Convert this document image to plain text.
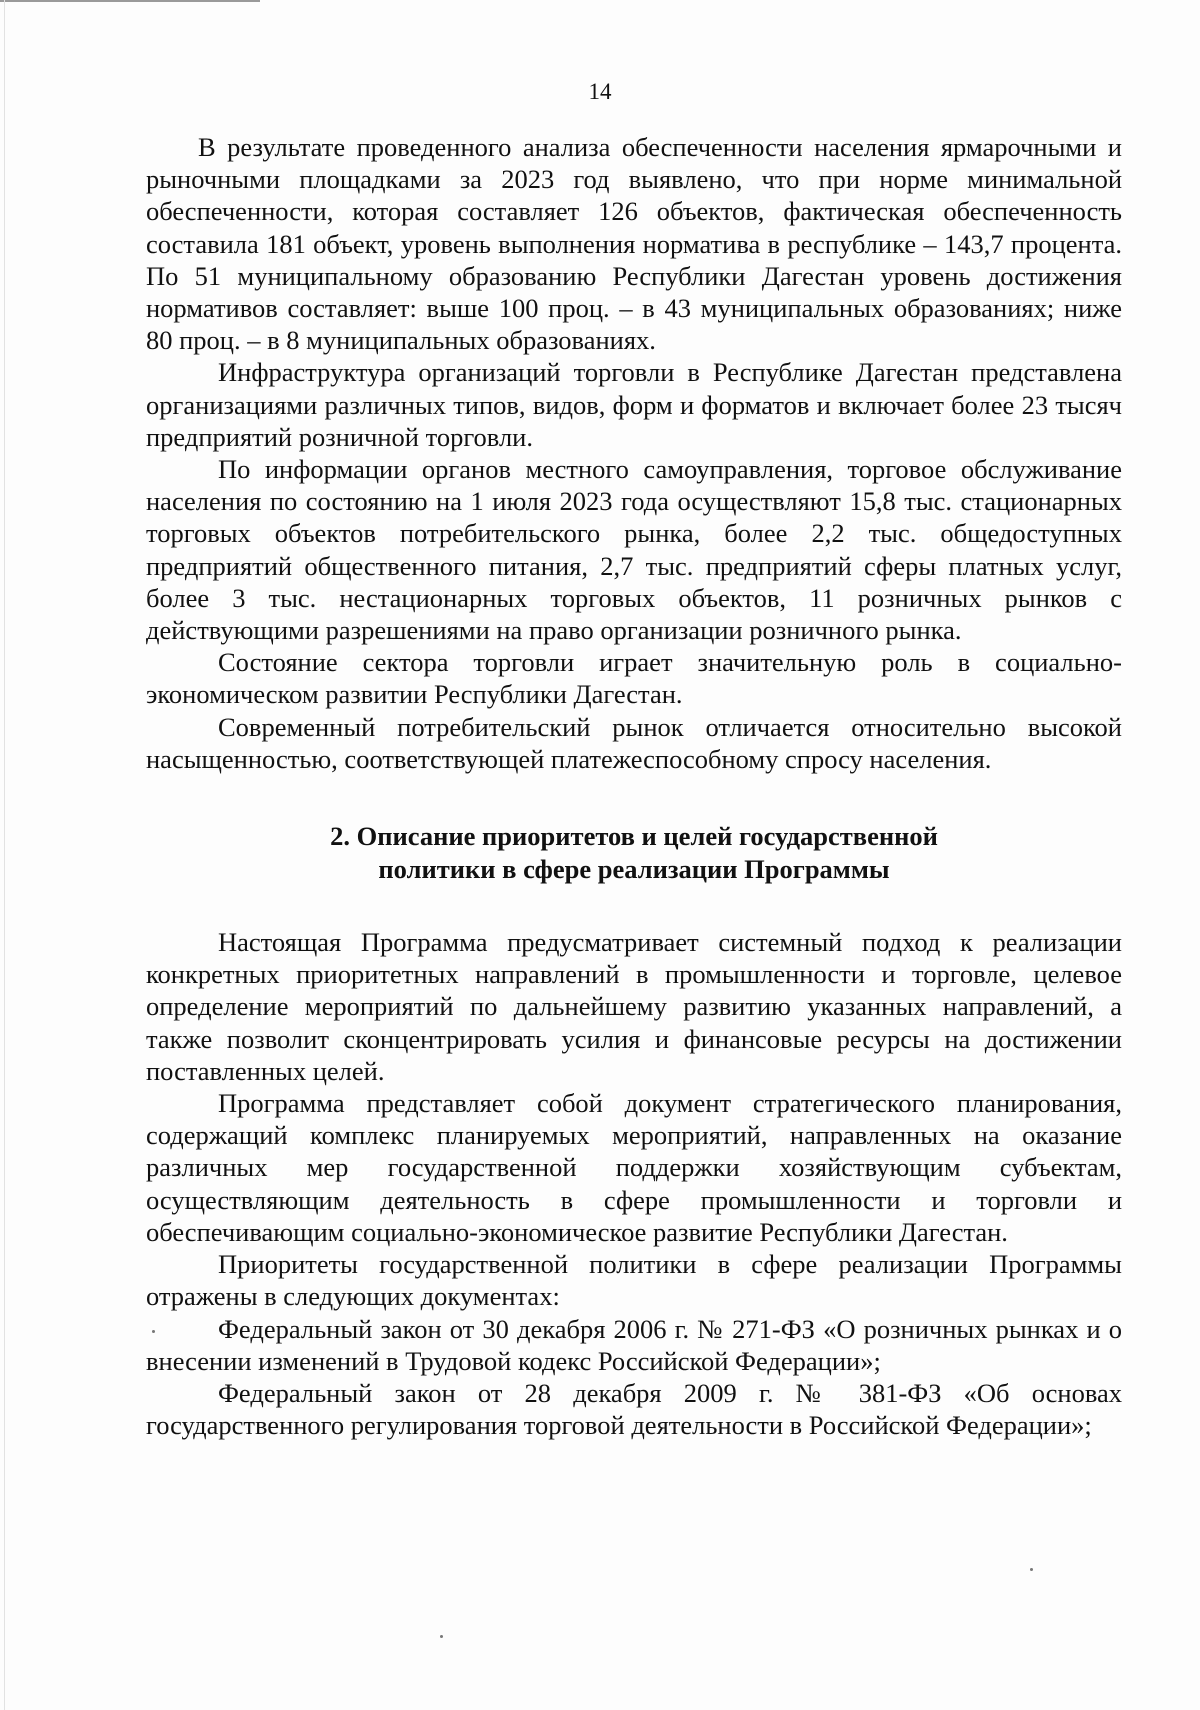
14

В результате проведенного анализа обеспеченности населения ярмарочными и рыночными площадками за 2023 год выявлено, что при норме минимальной обеспеченности, которая составляет 126 объектов, фактическая обеспеченность составила 181 объект, уровень выполнения норматива в республике – 143,7 процента. По 51 муниципальному образованию Республики Дагестан уровень достижения нормативов составляет: выше 100 проц. – в 43 муниципальных образованиях; ниже 80 проц. – в 8 муниципальных образованиях.

Инфраструктура организаций торговли в Республике Дагестан представлена организациями различных типов, видов, форм и форматов и включает более 23 тысяч предприятий розничной торговли.

По информации органов местного самоуправления, торговое обслуживание населения по состоянию на 1 июля 2023 года осуществляют 15,8 тыс. стационарных торговых объектов потребительского рынка, более 2,2 тыс. общедоступных предприятий общественного питания, 2,7 тыс. предприятий сферы платных услуг, более 3 тыс. нестационарных торговых объектов, 11 розничных рынков с действующими разрешениями на право организации розничного рынка.

Состояние сектора торговли играет значительную роль в социально-экономическом развитии Республики Дагестан.

Современный потребительский рынок отличается относительно высокой насыщенностью, соответствующей платежеспособному спросу населения.

2. Описание приоритетов и целей государственной
политики в сфере реализации Программы

Настоящая Программа предусматривает системный подход к реализации конкретных приоритетных направлений в промышленности и торговле, целевое определение мероприятий по дальнейшему развитию указанных направлений, а также позволит сконцентрировать усилия и финансовые ресурсы на достижении поставленных целей.

Программа представляет собой документ стратегического планирования, содержащий комплекс планируемых мероприятий, направленных на оказание различных мер государственной поддержки хозяйствующим субъектам, осуществляющим деятельность в сфере промышленности и торговли и обеспечивающим социально-экономическое развитие Республики Дагестан.

Приоритеты государственной политики в сфере реализации Программы отражены в следующих документах:

Федеральный закон от 30 декабря 2006 г. № 271-ФЗ «О розничных рынках и о внесении изменений в Трудовой кодекс Российской Федерации»;

Федеральный закон от 28 декабря 2009 г. № 381-ФЗ «Об основах государственного регулирования торговой деятельности в Российской Федерации»;
